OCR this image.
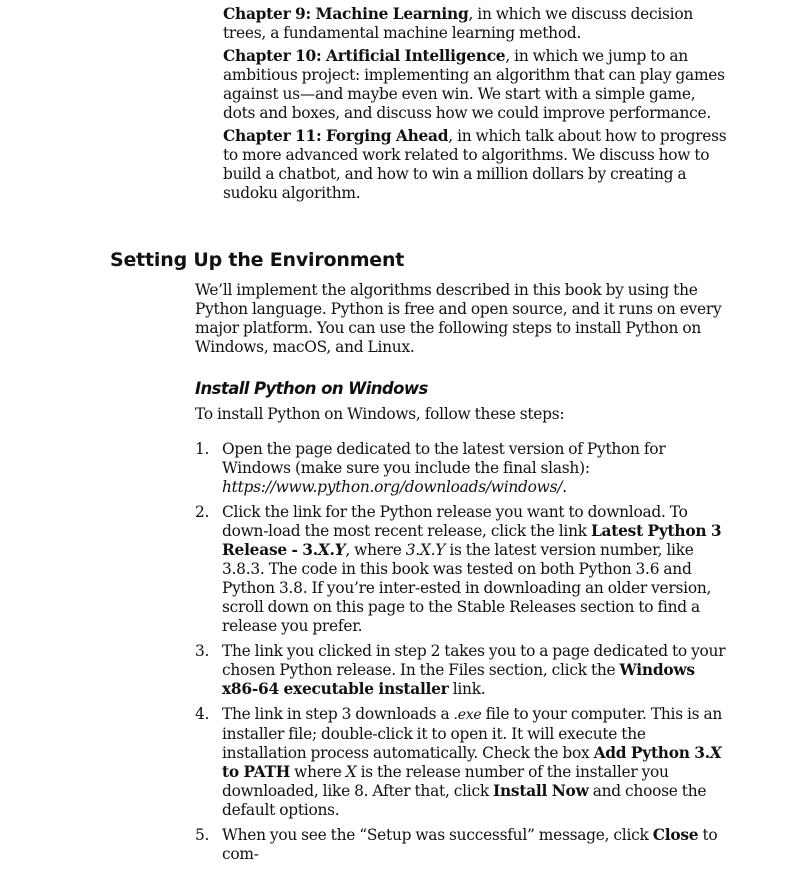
Chapter 9: Machine Learning, in which we discuss decision trees, a fundamental machine learning method.

Chapter 10: Artificial Intelligence, in which we jump to an ambitious project: implementing an algorithm that can play games against us—and maybe even win. We start with a simple game, dots and boxes, and discuss how we could improve performance.

Chapter 11: Forging Ahead, in which talk about how to progress to more advanced work related to algorithms. We discuss how to build a chatbot, and how to win a million dollars by creating a sudoku algorithm.

Setting Up the Environment

We’ll implement the algorithms described in this book by using the Python language. Python is free and open source, and it runs on every major platform. You can use the following steps to install Python on Windows, macOS, and Linux.

Install Python on Windows

To install Python on Windows, follow these steps:

1. Open the page dedicated to the latest version of Python for Windows (make sure you include the final slash): https://www.python.org/downloads/windows/.
2. Click the link for the Python release you want to download. To down-load the most recent release, click the link Latest Python 3 Release - 3.X.Y, where 3.X.Y is the latest version number, like 3.8.3. The code in this book was tested on both Python 3.6 and Python 3.8. If you’re inter-ested in downloading an older version, scroll down on this page to the Stable Releases section to find a release you prefer.
3. The link you clicked in step 2 takes you to a page dedicated to your chosen Python release. In the Files section, click the Windows x86-64 executable installer link.
4. The link in step 3 downloads a .exe file to your computer. This is an installer file; double-click it to open it. It will execute the installation process automatically. Check the box Add Python 3.X to PATH where X is the release number of the installer you downloaded, like 8. After that, click Install Now and choose the default options.
5. When you see the “Setup was successful” message, click Close to com-
